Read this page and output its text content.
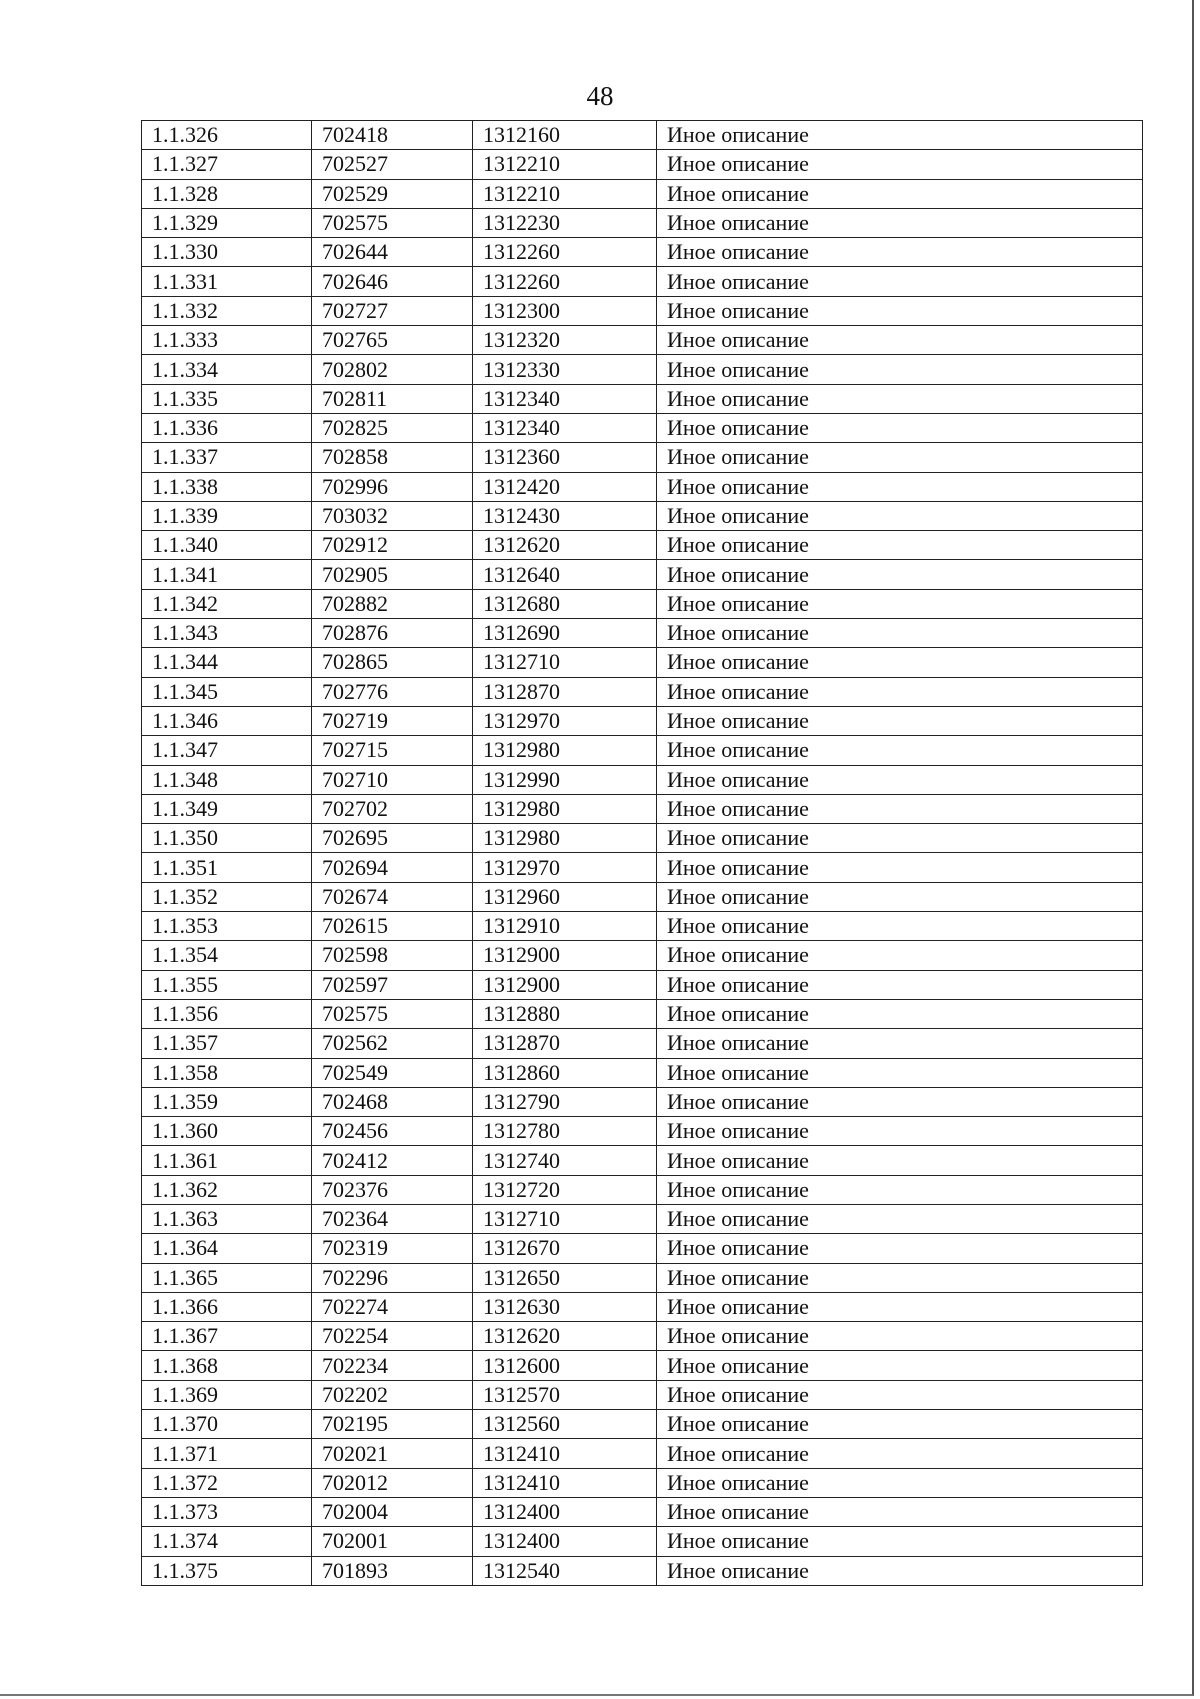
48
1.1.326	702418	1312160	Иное описание
1.1.327	702527	1312210	Иное описание
1.1.328	702529	1312210	Иное описание
1.1.329	702575	1312230	Иное описание
1.1.330	702644	1312260	Иное описание
1.1.331	702646	1312260	Иное описание
1.1.332	702727	1312300	Иное описание
1.1.333	702765	1312320	Иное описание
1.1.334	702802	1312330	Иное описание
1.1.335	702811	1312340	Иное описание
1.1.336	702825	1312340	Иное описание
1.1.337	702858	1312360	Иное описание
1.1.338	702996	1312420	Иное описание
1.1.339	703032	1312430	Иное описание
1.1.340	702912	1312620	Иное описание
1.1.341	702905	1312640	Иное описание
1.1.342	702882	1312680	Иное описание
1.1.343	702876	1312690	Иное описание
1.1.344	702865	1312710	Иное описание
1.1.345	702776	1312870	Иное описание
1.1.346	702719	1312970	Иное описание
1.1.347	702715	1312980	Иное описание
1.1.348	702710	1312990	Иное описание
1.1.349	702702	1312980	Иное описание
1.1.350	702695	1312980	Иное описание
1.1.351	702694	1312970	Иное описание
1.1.352	702674	1312960	Иное описание
1.1.353	702615	1312910	Иное описание
1.1.354	702598	1312900	Иное описание
1.1.355	702597	1312900	Иное описание
1.1.356	702575	1312880	Иное описание
1.1.357	702562	1312870	Иное описание
1.1.358	702549	1312860	Иное описание
1.1.359	702468	1312790	Иное описание
1.1.360	702456	1312780	Иное описание
1.1.361	702412	1312740	Иное описание
1.1.362	702376	1312720	Иное описание
1.1.363	702364	1312710	Иное описание
1.1.364	702319	1312670	Иное описание
1.1.365	702296	1312650	Иное описание
1.1.366	702274	1312630	Иное описание
1.1.367	702254	1312620	Иное описание
1.1.368	702234	1312600	Иное описание
1.1.369	702202	1312570	Иное описание
1.1.370	702195	1312560	Иное описание
1.1.371	702021	1312410	Иное описание
1.1.372	702012	1312410	Иное описание
1.1.373	702004	1312400	Иное описание
1.1.374	702001	1312400	Иное описание
1.1.375	701893	1312540	Иное описание
